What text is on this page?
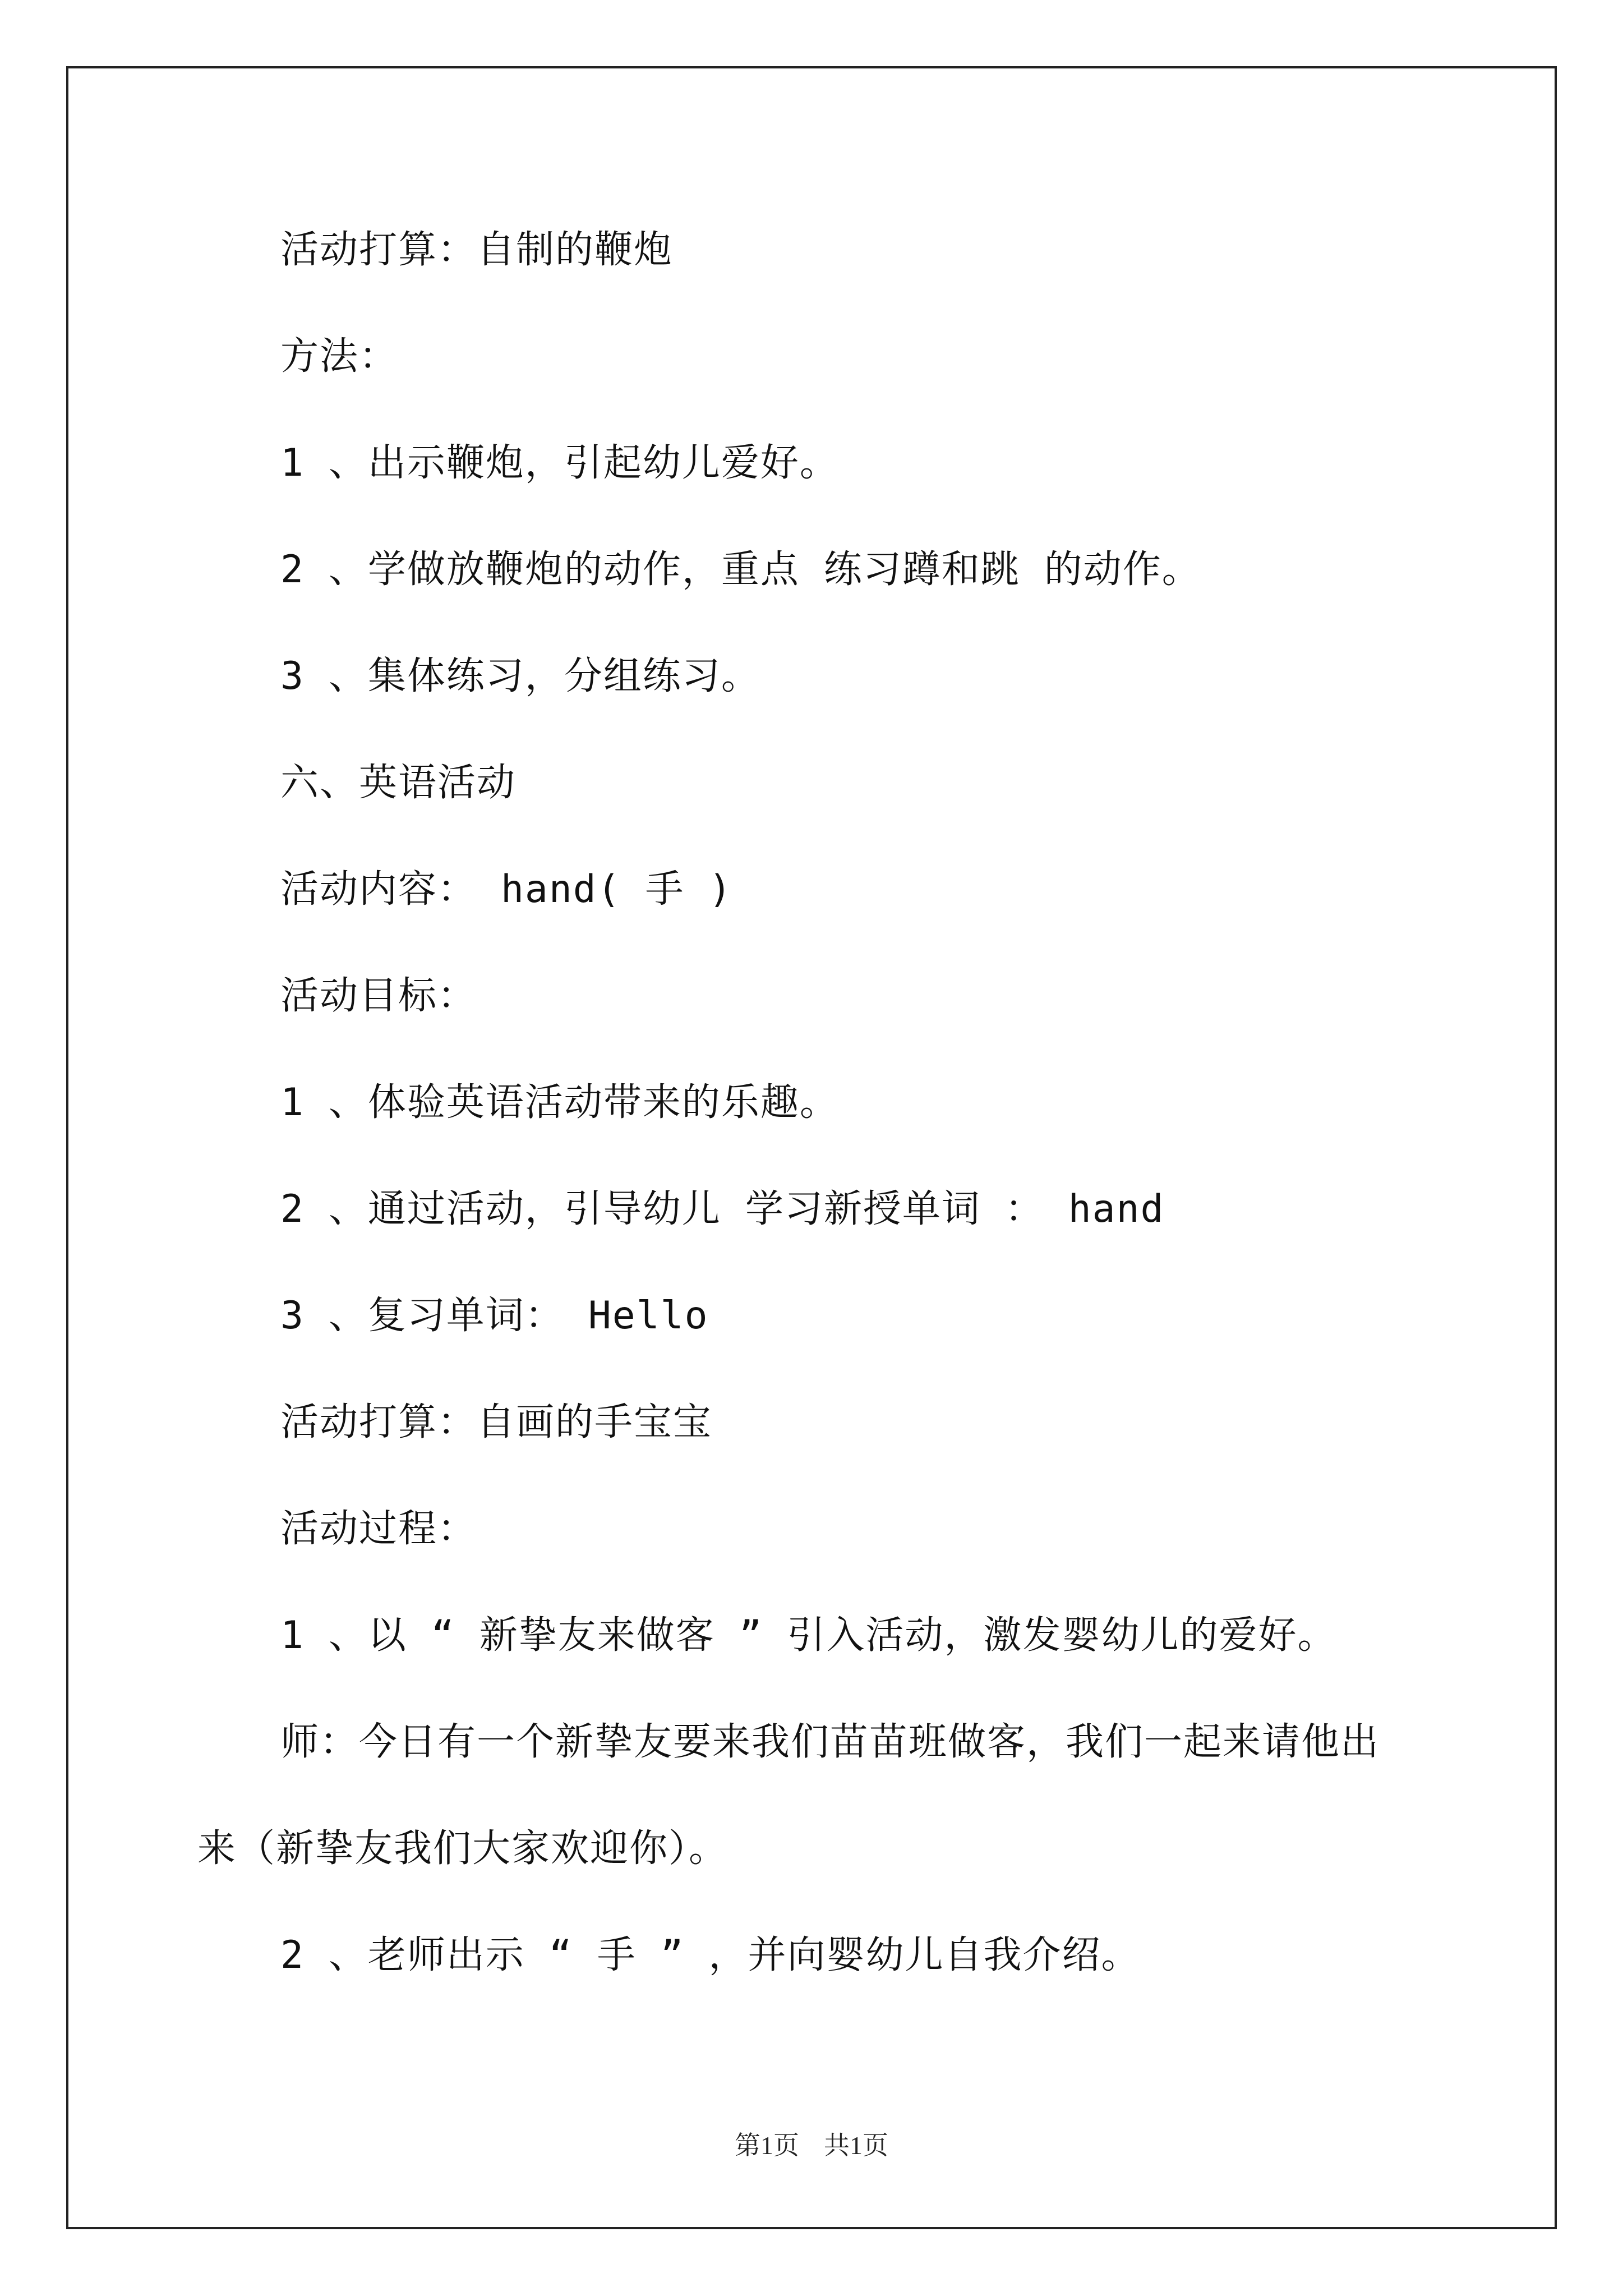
活动打算：自制的鞭炮
方法：
1 、出示鞭炮，引起幼儿爱好。
2 、学做放鞭炮的动作，重点 练习蹲和跳 的动作。
3 、集体练习，分组练习。
六、英语活动
活动内容： hand( 手 )
活动目标：
1 、体验英语活动带来的乐趣。
2 、通过活动，引导幼儿 学习新授单词 ： hand
3 、复习单词： Hello
活动打算：自画的手宝宝
活动过程：
1 、以 “ 新挚友来做客 ” 引入活动，激发婴幼儿的爱好。
师：今日有一个新挚友要来我们苗苗班做客，我们一起来请他出
来（新挚友我们大家欢迎你）。
2 、老师出示 “ 手 ” ，并向婴幼儿自我介绍。
第1页 共1页
